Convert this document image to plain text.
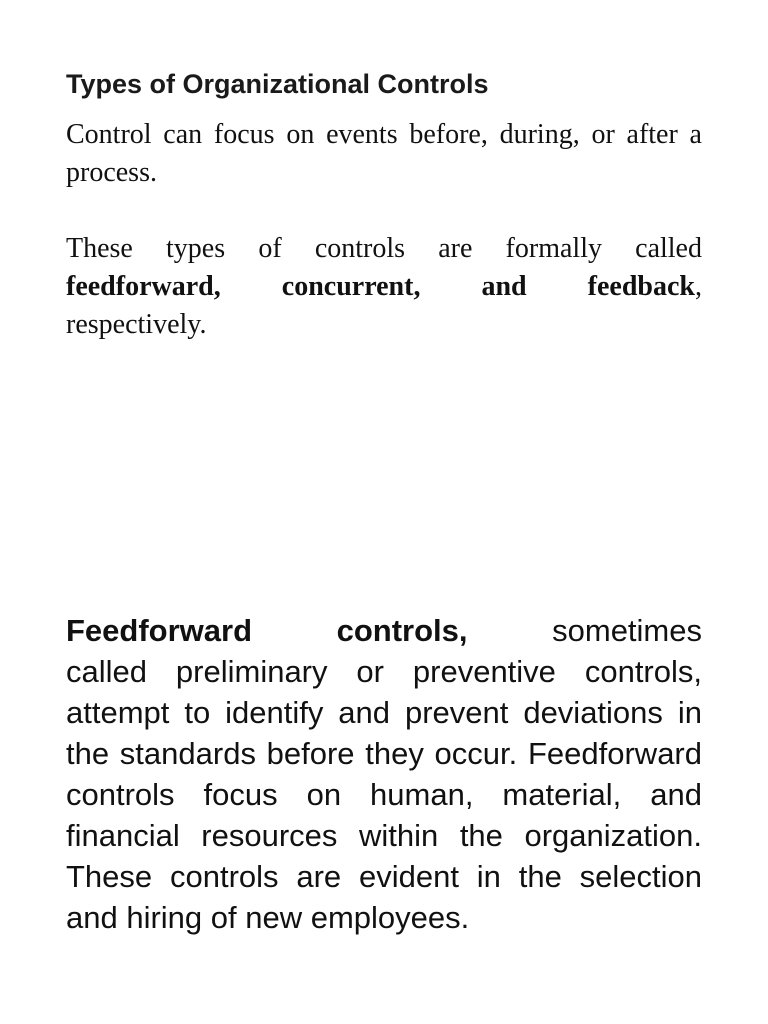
Types of Organizational Controls

Control can focus on events before, during, or after a process.

These types of controls are formally called
feedforward, concurrent, and feedback,
respectively.

Feedforward controls,	sometimes
called preliminary or preventive controls, attempt to identify and prevent deviations in the standards before they occur. Feedforward controls focus on human, material, and financial resources within the organization. These controls are evident in the selection and hiring of new employees.
